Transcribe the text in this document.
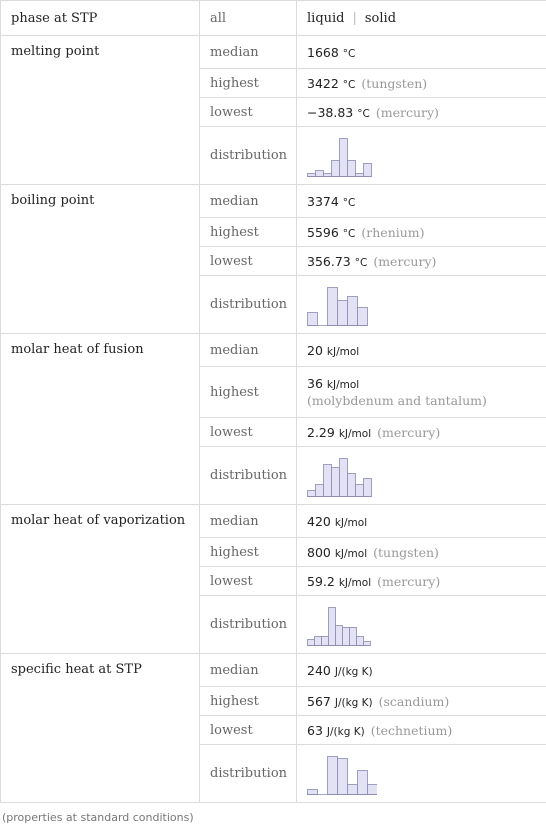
phase at STP	all	liquid | solid
melting point	median	1668 °C
	highest	3422 °C (tungsten)
	lowest	−38.83 °C (mercury)
	distribution	

boiling point	median	3374 °C
	highest	5596 °C (rhenium)
	lowest	356.73 °C (mercury)
	distribution	

molar heat of fusion	median	20 kJ/mol
	highest	36 kJ/mol
(molybdenum and tantalum)

	lowest	2.29 kJ/mol (mercury)
	distribution	

molar heat of vaporization	median	420 kJ/mol
	highest	800 kJ/mol (tungsten)
	lowest	59.2 kJ/mol (mercury)
	distribution	

specific heat at STP	median	240 J/(kg K)
	highest	567 J/(kg K) (scandium)
	lowest	63 J/(kg K) (technetium)
	distribution	
(properties at standard conditions)
